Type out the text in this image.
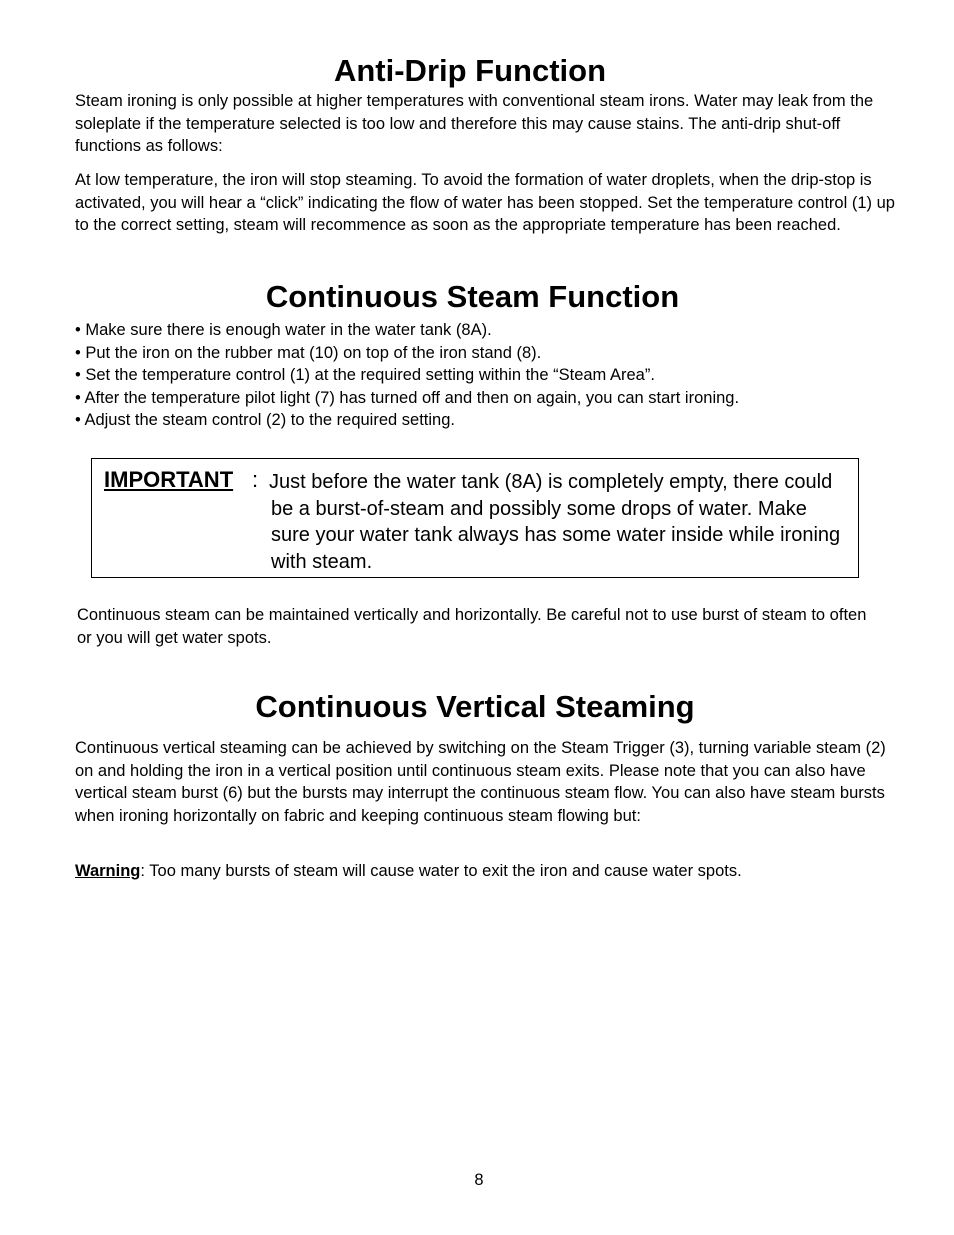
Anti-Drip Function

Steam ironing is only possible at higher temperatures with conventional steam irons. Water may leak from the soleplate if the temperature selected is too low and therefore this may cause stains. The anti-drip shut-off functions as follows:

At low temperature, the iron will stop steaming. To avoid the formation of water droplets, when the drip-stop is activated, you will hear a “click” indicating the flow of water has been stopped. Set the temperature control (1) up to the correct setting, steam will recommence as soon as the appropriate temperature has been reached.

Continuous Steam Function
• Make sure there is enough water in the water tank (8A).
• Put the iron on the rubber mat (10) on top of the iron stand (8).
• Set the temperature control (1) at the required setting within the “Steam Area”.
• After the temperature pilot light (7) has turned off and then on again, you can start ironing.
• Adjust the steam control (2) to the required setting.
IMPORTANT : Just before the water tank (8A) is completely empty, there could be a burst-of-steam and possibly some drops of water. Make sure your water tank always has some water inside while ironing with steam.

Continuous steam can be maintained vertically and horizontally. Be careful not to use burst of steam to often or you will get water spots.

Continuous Vertical Steaming

Continuous vertical steaming can be achieved by switching on the Steam Trigger (3), turning variable steam (2) on and holding the iron in a vertical position until continuous steam exits. Please note that you can also have vertical steam burst (6) but the bursts may interrupt the continuous steam flow. You can also have steam bursts when ironing horizontally on fabric and keeping continuous steam flowing but:

Warning: Too many bursts of steam will cause water to exit the iron and cause water spots.

8
